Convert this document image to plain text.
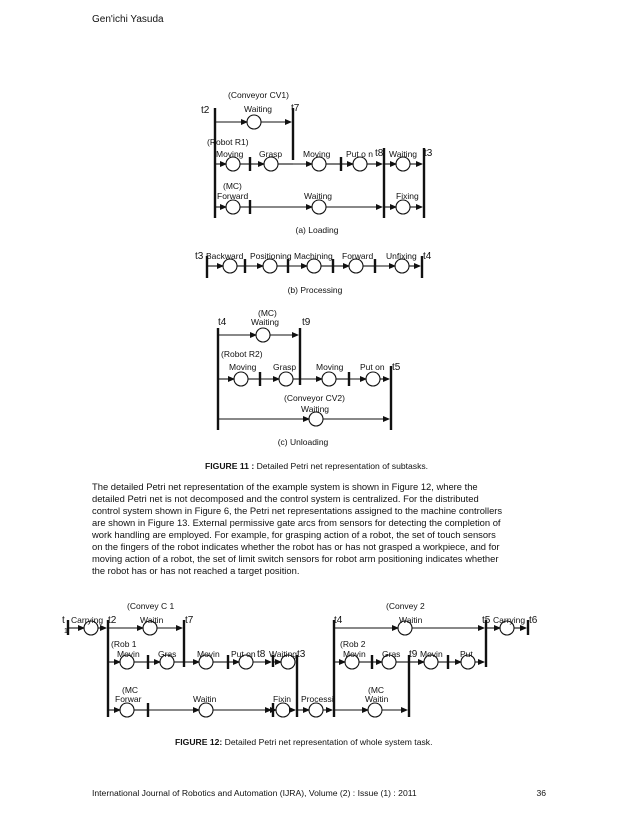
Gen'ichi Yasuda
(Conveyor CV1)
Waiting
t2	t7
(Robot R1)
Moving Grasp Moving Put o n t8 Waiting t3
(MC)
Forward	Waiting	Fixing
(a) Loading
t3 Backward Positioning Machining Forward Unfixing t4
(b) Processing
(MC)
Waiting
t4	t9
(Robot R2)
Moving Grasp Moving Put on t5
(Conveyor CV2)
Waiting
(c) Unloading
FIGURE 11 : Detailed Petri net representation of subtasks.
The detailed Petri net representation of the example system is shown in Figure 12, where the
detailed Petri net is not decomposed and the control system is centralized. For the distributed
control system shown in Figure 6, the Petri net representations assigned to the machine controllers
are shown in Figure 13. External permissive gate arcs from sensors for detecting the completion of
work handling are employed. For example, for grasping action of a robot, the set of touch sensors
on the fingers of the robot indicates whether the robot has or has not grasped a workpiece, and for
moving action of a robot, the set of limit switch sensors for robot arm positioning indicates whether
the robot has or has not reached a target position.
t
1
Carrying t2
(Convey C 1
Waitin t7	t4
(Convey 2
Waitin	t5 Carrying t6
(Rob 1
Movin Gras Movin Put on t8 Waiting t3
(Rob 2
Movin Gras t9 Movin Put
(MC
Forwar	Waitin	Fixin Processi
(MC
Waitin
FIGURE 12: Detailed Petri net representation of whole system task.
International Journal of Robotics and Automation (IJRA), Volume (2) : Issue (1) : 2011	36
